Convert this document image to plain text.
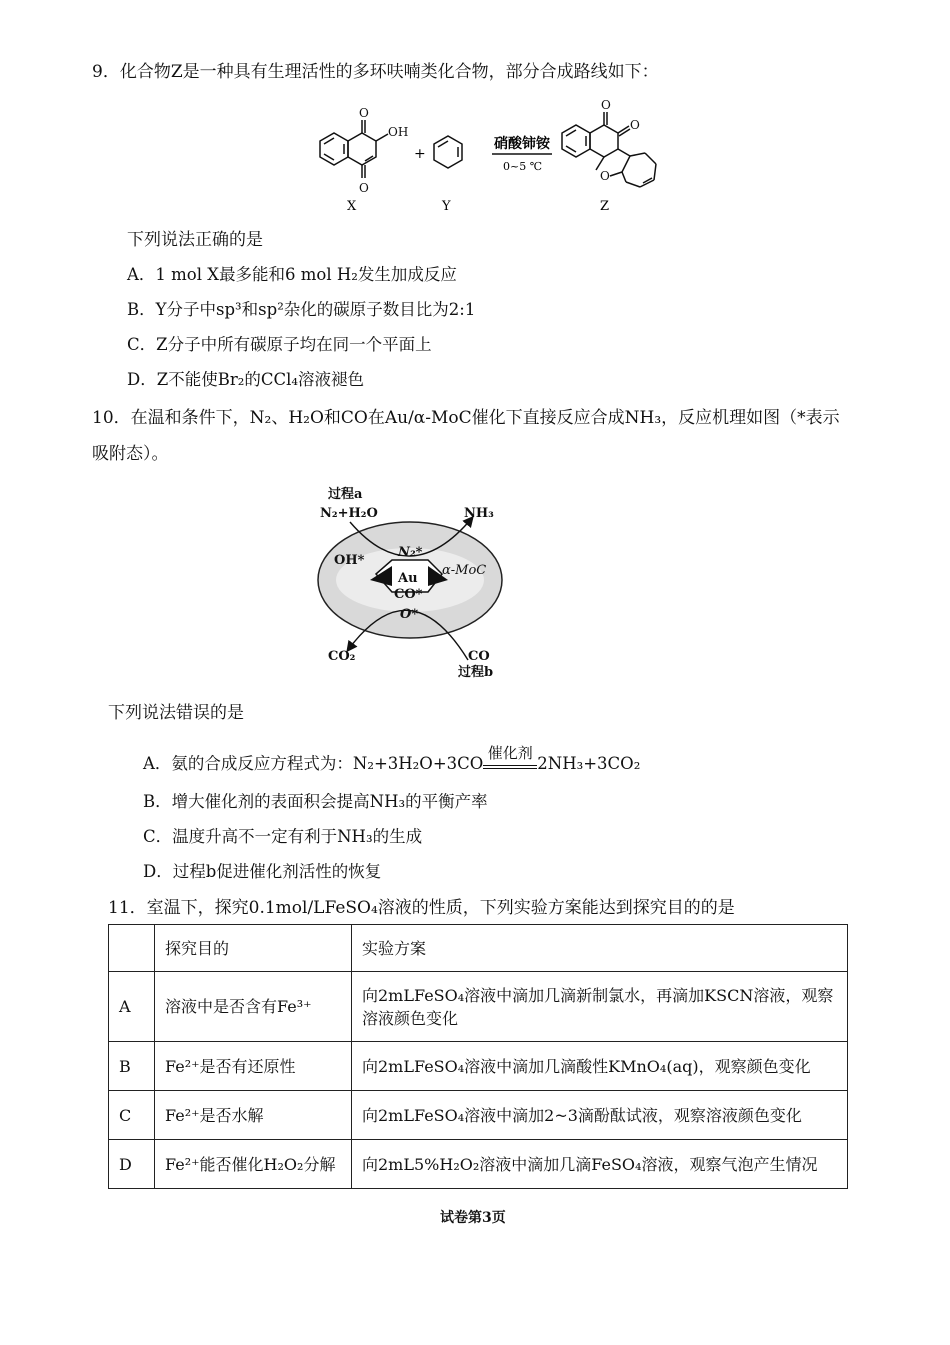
9．化合物Z是一种具有生理活性的多环呋喃类化合物，部分合成路线如下：
O
O
OH
O
O
O
+
硝酸铈铵
0~5 ℃
X	Y	Z
下列说法正确的是
A．1 mol X最多能和6 mol H₂发生加成反应
B．Y分子中sp³和sp²杂化的碳原子数目比为2:1
C．Z分子中所有碳原子均在同一个平面上
D．Z不能使Br₂的CCl₄溶液褪色
10．在温和条件下，N₂、H₂O和CO在Au/α-MoC催化下直接反应合成NH₃，反应机理如图（*表示
吸附态）。
过程a
N₂+H₂O	NH₃
OH*
N₂*
Au
CO*
O*
α-MoC
CO₂	CO
过程b
下列说法错误的是
A．氨的合成反应方程式为：N₂+3H₂O+3CO
催化剂
2NH₃+3CO₂
B．增大催化剂的表面积会提高NH₃的平衡产率
C．温度升高不一定有利于NH₃的生成
D．过程b促进催化剂活性的恢复
11．室温下，探究0.1mol/LFeSO₄溶液的性质，下列实验方案能达到探究目的的是
	探究目的	实验方案
A	溶液中是否含有Fe³⁺	向2mLFeSO₄溶液中滴加几滴新制氯水，再滴加KSCN溶液，观察溶液颜色变化
B	Fe²⁺是否有还原性	向2mLFeSO₄溶液中滴加几滴酸性KMnO₄(aq)，观察颜色变化
C	Fe²⁺是否水解	向2mLFeSO₄溶液中滴加2~3滴酚酞试液，观察溶液颜色变化
D	Fe²⁺能否催化H₂O₂分解	向2mL5%H₂O₂溶液中滴加几滴FeSO₄溶液，观察气泡产生情况
试卷第3页
